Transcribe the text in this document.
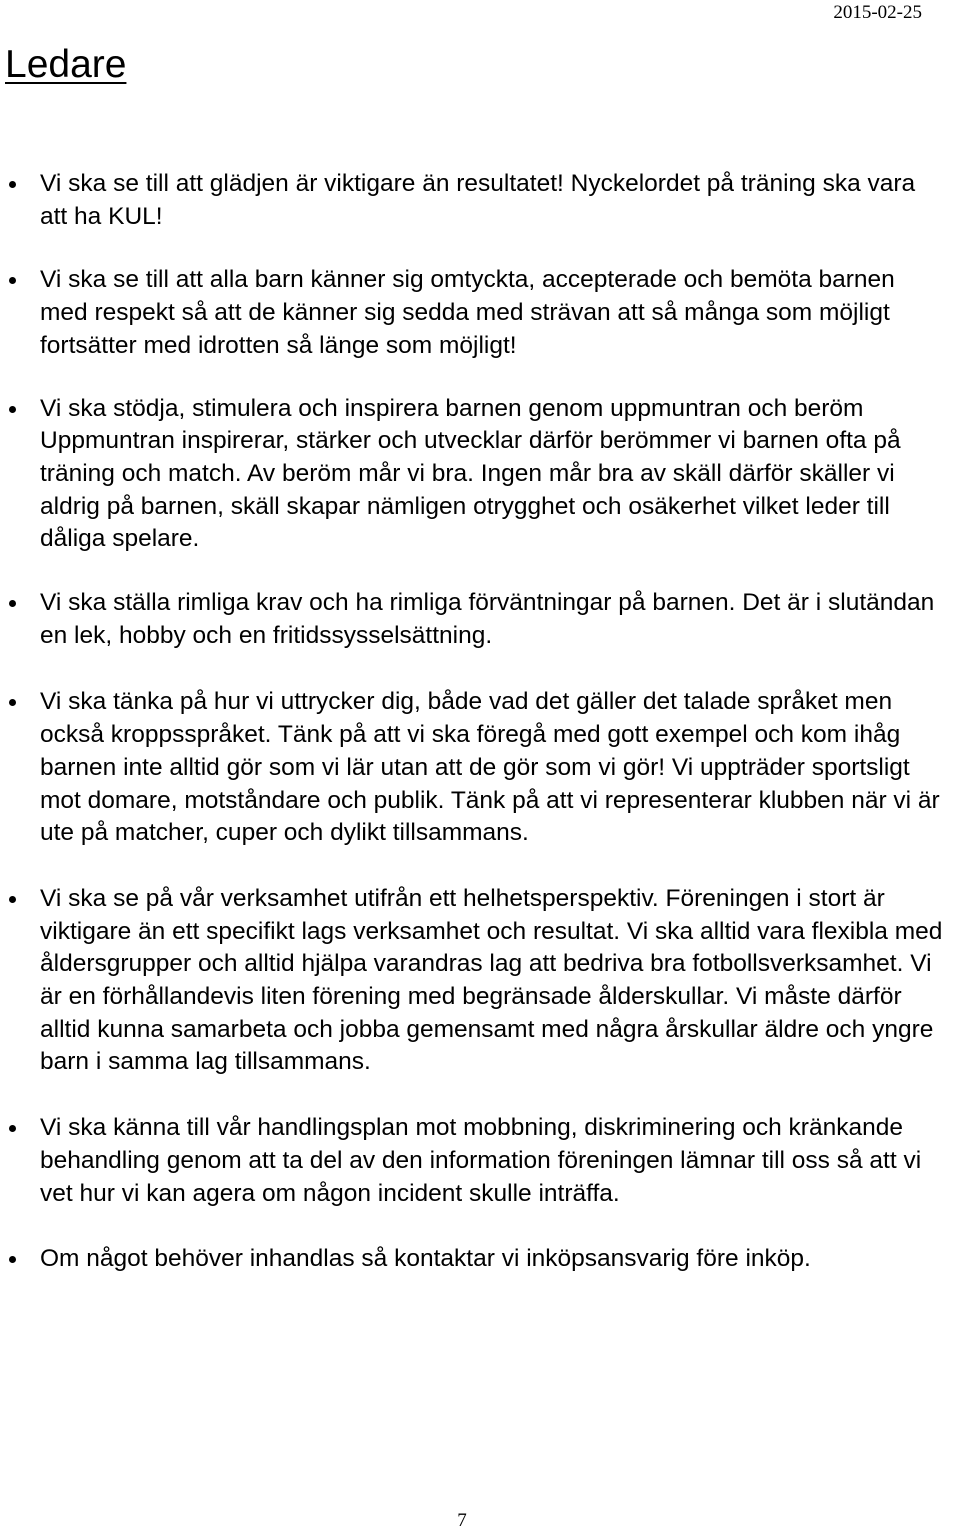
2015-02-25
Ledare
Vi ska se till att glädjen är viktigare än resultatet! Nyckelordet på träning ska vara att ha KUL!
Vi ska se till att alla barn känner sig omtyckta, accepterade och bemöta barnen med respekt så att de känner sig sedda med strävan att så många som möjligt fortsätter med idrotten så länge som möjligt!
Vi ska stödja, stimulera och inspirera barnen genom uppmuntran och beröm Uppmuntran inspirerar, stärker och utvecklar därför berömmer vi barnen ofta på träning och match. Av beröm mår vi bra. Ingen mår bra av skäll därför skäller vi aldrig på barnen, skäll skapar nämligen otrygghet och osäkerhet vilket leder till dåliga spelare.
Vi ska ställa rimliga krav och ha rimliga förväntningar på barnen. Det är i slutändan en lek, hobby och en fritidssysselsättning.
Vi ska tänka på hur vi uttrycker dig, både vad det gäller det talade språket men också kroppsspråket. Tänk på att vi ska föregå med gott exempel och kom ihåg barnen inte alltid gör som vi lär utan att de gör som vi gör! Vi uppträder sportsligt mot domare, motståndare och publik. Tänk på att vi representerar klubben när vi är ute på matcher, cuper och dylikt tillsammans.
Vi ska se på vår verksamhet utifrån ett helhetsperspektiv. Föreningen i stort är viktigare än ett specifikt lags verksamhet och resultat. Vi ska alltid vara flexibla med åldersgrupper och alltid hjälpa varandras lag att bedriva bra fotbollsverksamhet. Vi är en förhållandevis liten förening med begränsade ålderskullar. Vi måste därför alltid kunna samarbeta och jobba gemensamt med några årskullar äldre och yngre barn i samma lag tillsammans.
Vi ska känna till vår handlingsplan mot mobbning, diskriminering och kränkande behandling genom att ta del av den information föreningen lämnar till oss så att vi vet hur vi kan agera om någon incident skulle inträffa.
Om något behöver inhandlas så kontaktar vi inköpsansvarig före inköp.
7
